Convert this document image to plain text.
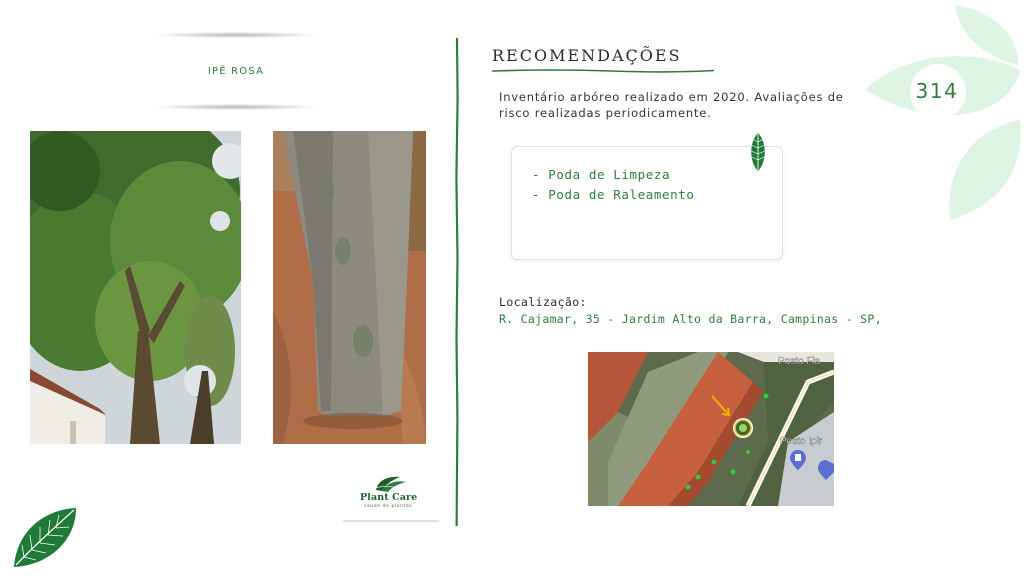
314
IPÊ ROSA
RECOMENDAÇÕES
Inventário arbóreo realizado em 2020. Avaliações de risco realizadas periodicamente.
- Poda de Limpeza
- Poda de Raleamento
Localização:
R. Cajamar, 35 - Jardim Alto da Barra, Campinas - SP,
Posto Fla
Posto Ipir
Plant Care
saúde de plantas
